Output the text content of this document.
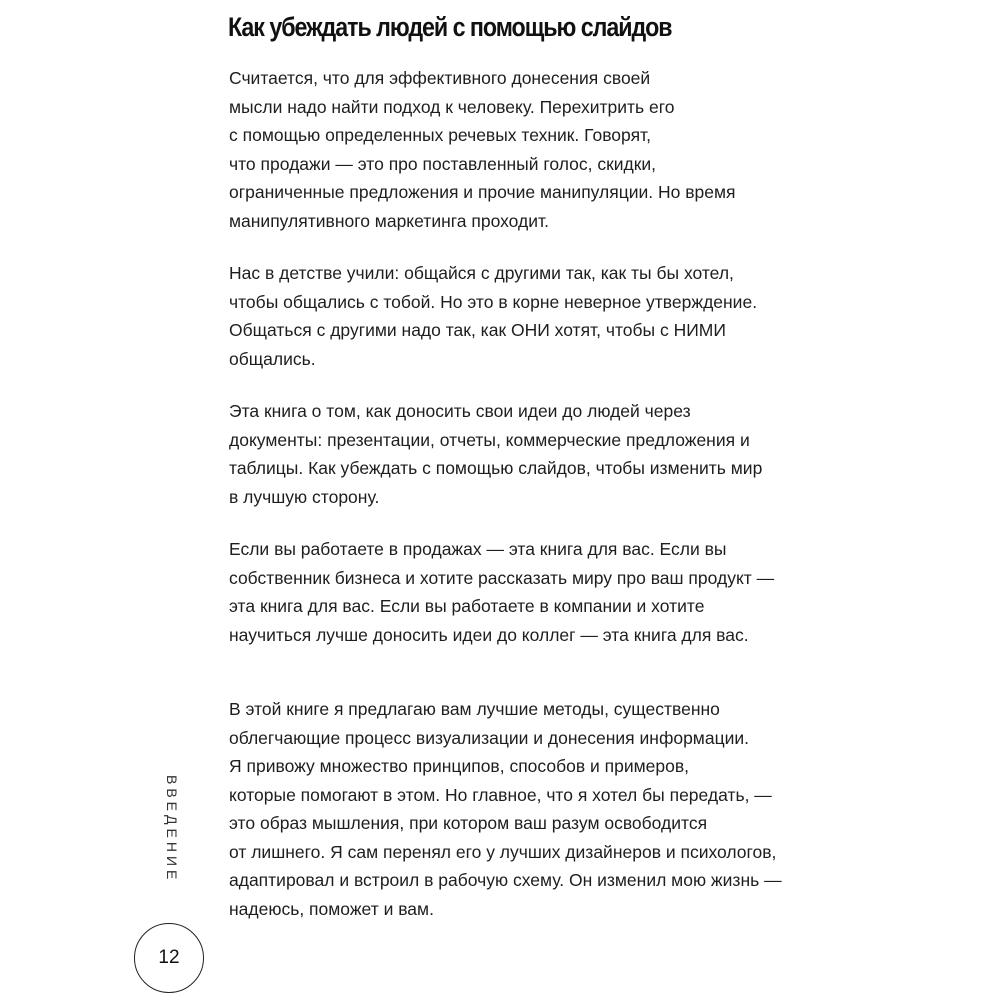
Как убеждать людей с помощью слайдов

Считается, что для эффективного донесения своей
мысли надо найти подход к человеку. Перехитрить его
с помощью определенных речевых техник. Говорят,
что продажи — это про поставленный голос, скидки,
ограниченные предложения и прочие манипуляции. Но время
манипулятивного маркетинга проходит.

Нас в детстве учили: общайся с другими так, как ты бы хотел,
чтобы общались с тобой. Но это в корне неверное утверждение.
Общаться с другими надо так, как ОНИ хотят, чтобы с НИМИ
общались.

Эта книга о том, как доносить свои идеи до людей через
документы: презентации, отчеты, коммерческие предложения и
таблицы. Как убеждать с помощью слайдов, чтобы изменить мир
в лучшую сторону.

Если вы работаете в продажах — эта книга для вас. Если вы
собственник бизнеса и хотите рассказать миру про ваш продукт —
эта книга для вас. Если вы работаете в компании и хотите
научиться лучше доносить идеи до коллег — эта книга для вас.

В этой книге я предлагаю вам лучшие методы, существенно
облегчающие процесс визуализации и донесения информации.
Я привожу множество принципов, способов и примеров,
которые помогают в этом. Но главное, что я хотел бы передать, —
это образ мышления, при котором ваш разум освободится
от лишнего. Я сам перенял его у лучших дизайнеров и психологов,
адаптировал и встроил в рабочую схему. Он изменил мою жизнь —
надеюсь, поможет и вам.

ВВЕДЕНИЕ
12
